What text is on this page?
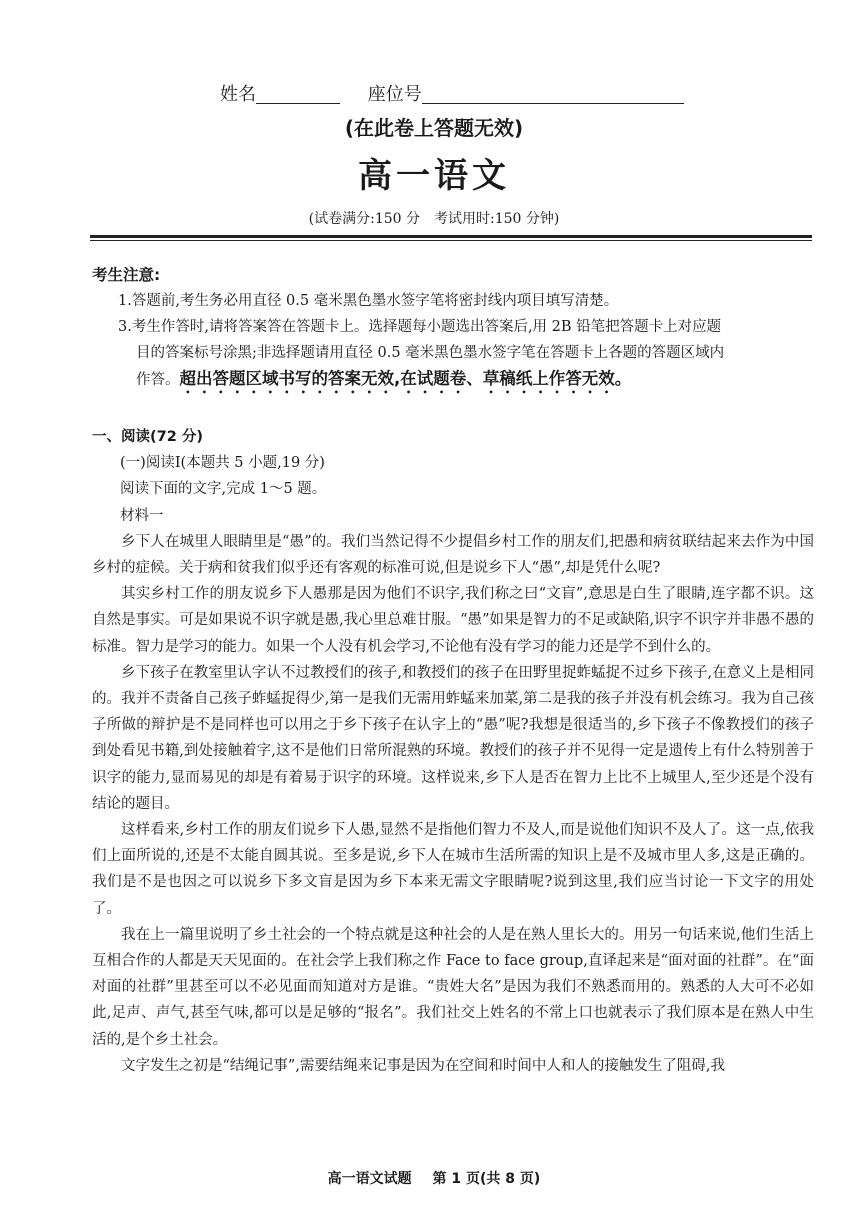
姓名	座位号
(在此卷上答题无效)
高一语文
(试卷满分:150 分　考试用时:150 分钟)
考生注意:
1.答题前,考生务必用直径 0.5 毫米黑色墨水签字笔将密封线内项目填写清楚。
3.考生作答时,请将答案答在答题卡上。选择题每小题选出答案后,用 2B 铅笔把答题卡上对应题
目的答案标号涂黑;非选择题请用直径 0.5 毫米黑色墨水签字笔在答题卡上各题的答题区域内
作答。超出答题区域书写的答案无效,在试题卷、草稿纸上作答无效。
一、阅读(72 分)
(一)阅读Ⅰ(本题共 5 小题,19 分)
阅读下面的文字,完成 1～5 题。
材料一

乡下人在城里人眼睛里是“愚”的。我们当然记得不少提倡乡村工作的朋友们,把愚和病贫联结起来去作为中国乡村的症候。关于病和贫我们似乎还有客观的标准可说,但是说乡下人“愚”,却是凭什么呢?

其实乡村工作的朋友说乡下人愚那是因为他们不识字,我们称之曰“文盲”,意思是白生了眼睛,连字都不识。这自然是事实。可是如果说不识字就是愚,我心里总难甘服。“愚”如果是智力的不足或缺陷,识字不识字并非愚不愚的标准。智力是学习的能力。如果一个人没有机会学习,不论他有没有学习的能力还是学不到什么的。

乡下孩子在教室里认字认不过教授们的孩子,和教授们的孩子在田野里捉蚱蜢捉不过乡下孩子,在意义上是相同的。我并不责备自己孩子蚱蜢捉得少,第一是我们无需用蚱蜢来加菜,第二是我的孩子并没有机会练习。我为自己孩子所做的辩护是不是同样也可以用之于乡下孩子在认字上的“愚”呢?我想是很适当的,乡下孩子不像教授们的孩子到处看见书籍,到处接触着字,这不是他们日常所混熟的环境。教授们的孩子并不见得一定是遗传上有什么特别善于识字的能力,显而易见的却是有着易于识字的环境。这样说来,乡下人是否在智力上比不上城里人,至少还是个没有结论的题目。

这样看来,乡村工作的朋友们说乡下人愚,显然不是指他们智力不及人,而是说他们知识不及人了。这一点,依我们上面所说的,还是不太能自圆其说。至多是说,乡下人在城市生活所需的知识上是不及城市里人多,这是正确的。我们是不是也因之可以说乡下多文盲是因为乡下本来无需文字眼睛呢?说到这里,我们应当讨论一下文字的用处了。

我在上一篇里说明了乡土社会的一个特点就是这种社会的人是在熟人里长大的。用另一句话来说,他们生活上互相合作的人都是天天见面的。在社会学上我们称之作 Face to face group,直译起来是“面对面的社群”。在“面对面的社群”里甚至可以不必见面而知道对方是谁。“贵姓大名”是因为我们不熟悉而用的。熟悉的人大可不必如此,足声、声气,甚至气味,都可以是足够的“报名”。我们社交上姓名的不常上口也就表示了我们原本是在熟人中生活的,是个乡土社会。

文字发生之初是“结绳记事”,需要结绳来记事是因为在空间和时间中人和人的接触发生了阻碍,我

高一语文试题 第 1 页(共 8 页)
